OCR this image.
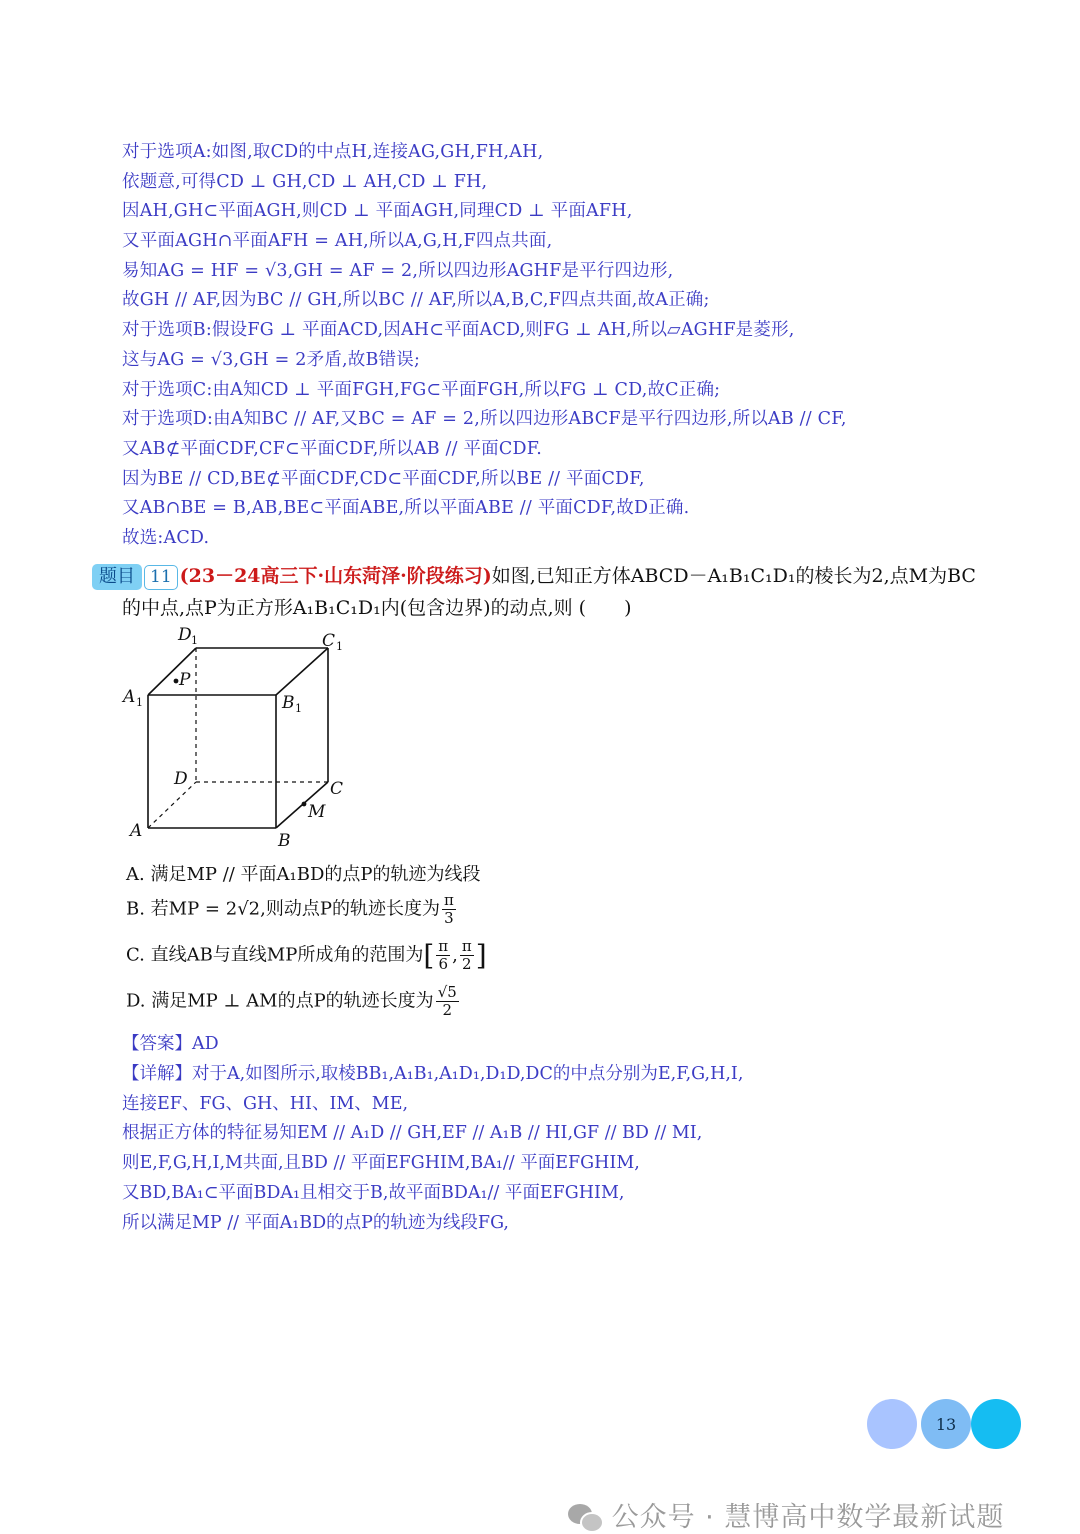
对于选项A:如图,取CD的中点H,连接AG,GH,FH,AH,
依题意,可得CD ⊥ GH,CD ⊥ AH,CD ⊥ FH,
因AH,GH⊂平面AGH,则CD ⊥ 平面AGH,同理CD ⊥ 平面AFH,
又平面AGH∩平面AFH = AH,所以A,G,H,F四点共面,
易知AG = HF = √3,GH = AF = 2,所以四边形AGHF是平行四边形,
故GH // AF,因为BC // GH,所以BC // AF,所以A,B,C,F四点共面,故A正确;
对于选项B:假设FG ⊥ 平面ACD,因AH⊂平面ACD,则FG ⊥ AH,所以▱AGHF是菱形,
这与AG = √3,GH = 2矛盾,故B错误;
对于选项C:由A知CD ⊥ 平面FGH,FG⊂平面FGH,所以FG ⊥ CD,故C正确;
对于选项D:由A知BC // AF,又BC = AF = 2,所以四边形ABCF是平行四边形,所以AB // CF,
又AB⊄平面CDF,CF⊂平面CDF,所以AB // 平面CDF.
因为BE // CD,BE⊄平面CDF,CD⊂平面CDF,所以BE // 平面CDF,
又AB∩BE = B,AB,BE⊂平面ABE,所以平面ABE // 平面CDF,故D正确.
故选:ACD.
题目 11 (23－24高三下·山东菏泽·阶段练习)如图,已知正方体ABCD－A₁B₁C₁D₁的棱长为2,点M为BC
的中点,点P为正方形A₁B₁C₁D₁内(包含边界)的动点,则 (　　)
D 1	C 1
A 1	B 1
P
D	C
A	B
M
A. 满足MP // 平面A₁BD的点P的轨迹为线段
B. 若MP = 2√2,则动点P的轨迹长度为 $\frac{\pi}{3}$
C. 直线AB与直线MP所成角的范围为[ $\frac{\pi}{6}$ , $\frac{\pi}{2}$ ]
D. 满足MP ⊥ AM的点P的轨迹长度为 $\frac{√5}{2}$
【答案】AD
【详解】对于A,如图所示,取棱BB₁,A₁B₁,A₁D₁,D₁D,DC的中点分别为E,F,G,H,I,
连接EF、FG、GH、HI、IM、ME,
根据正方体的特征易知EM // A₁D // GH,EF // A₁B // HI,GF // BD // MI,
则E,F,G,H,I,M共面,且BD // 平面EFGHIM,BA₁// 平面EFGHIM,
又BD,BA₁⊂平面BDA₁且相交于B,故平面BDA₁// 平面EFGHIM,
所以满足MP // 平面A₁BD的点P的轨迹为线段FG,
13
公众号 · 慧博高中数学最新试题
